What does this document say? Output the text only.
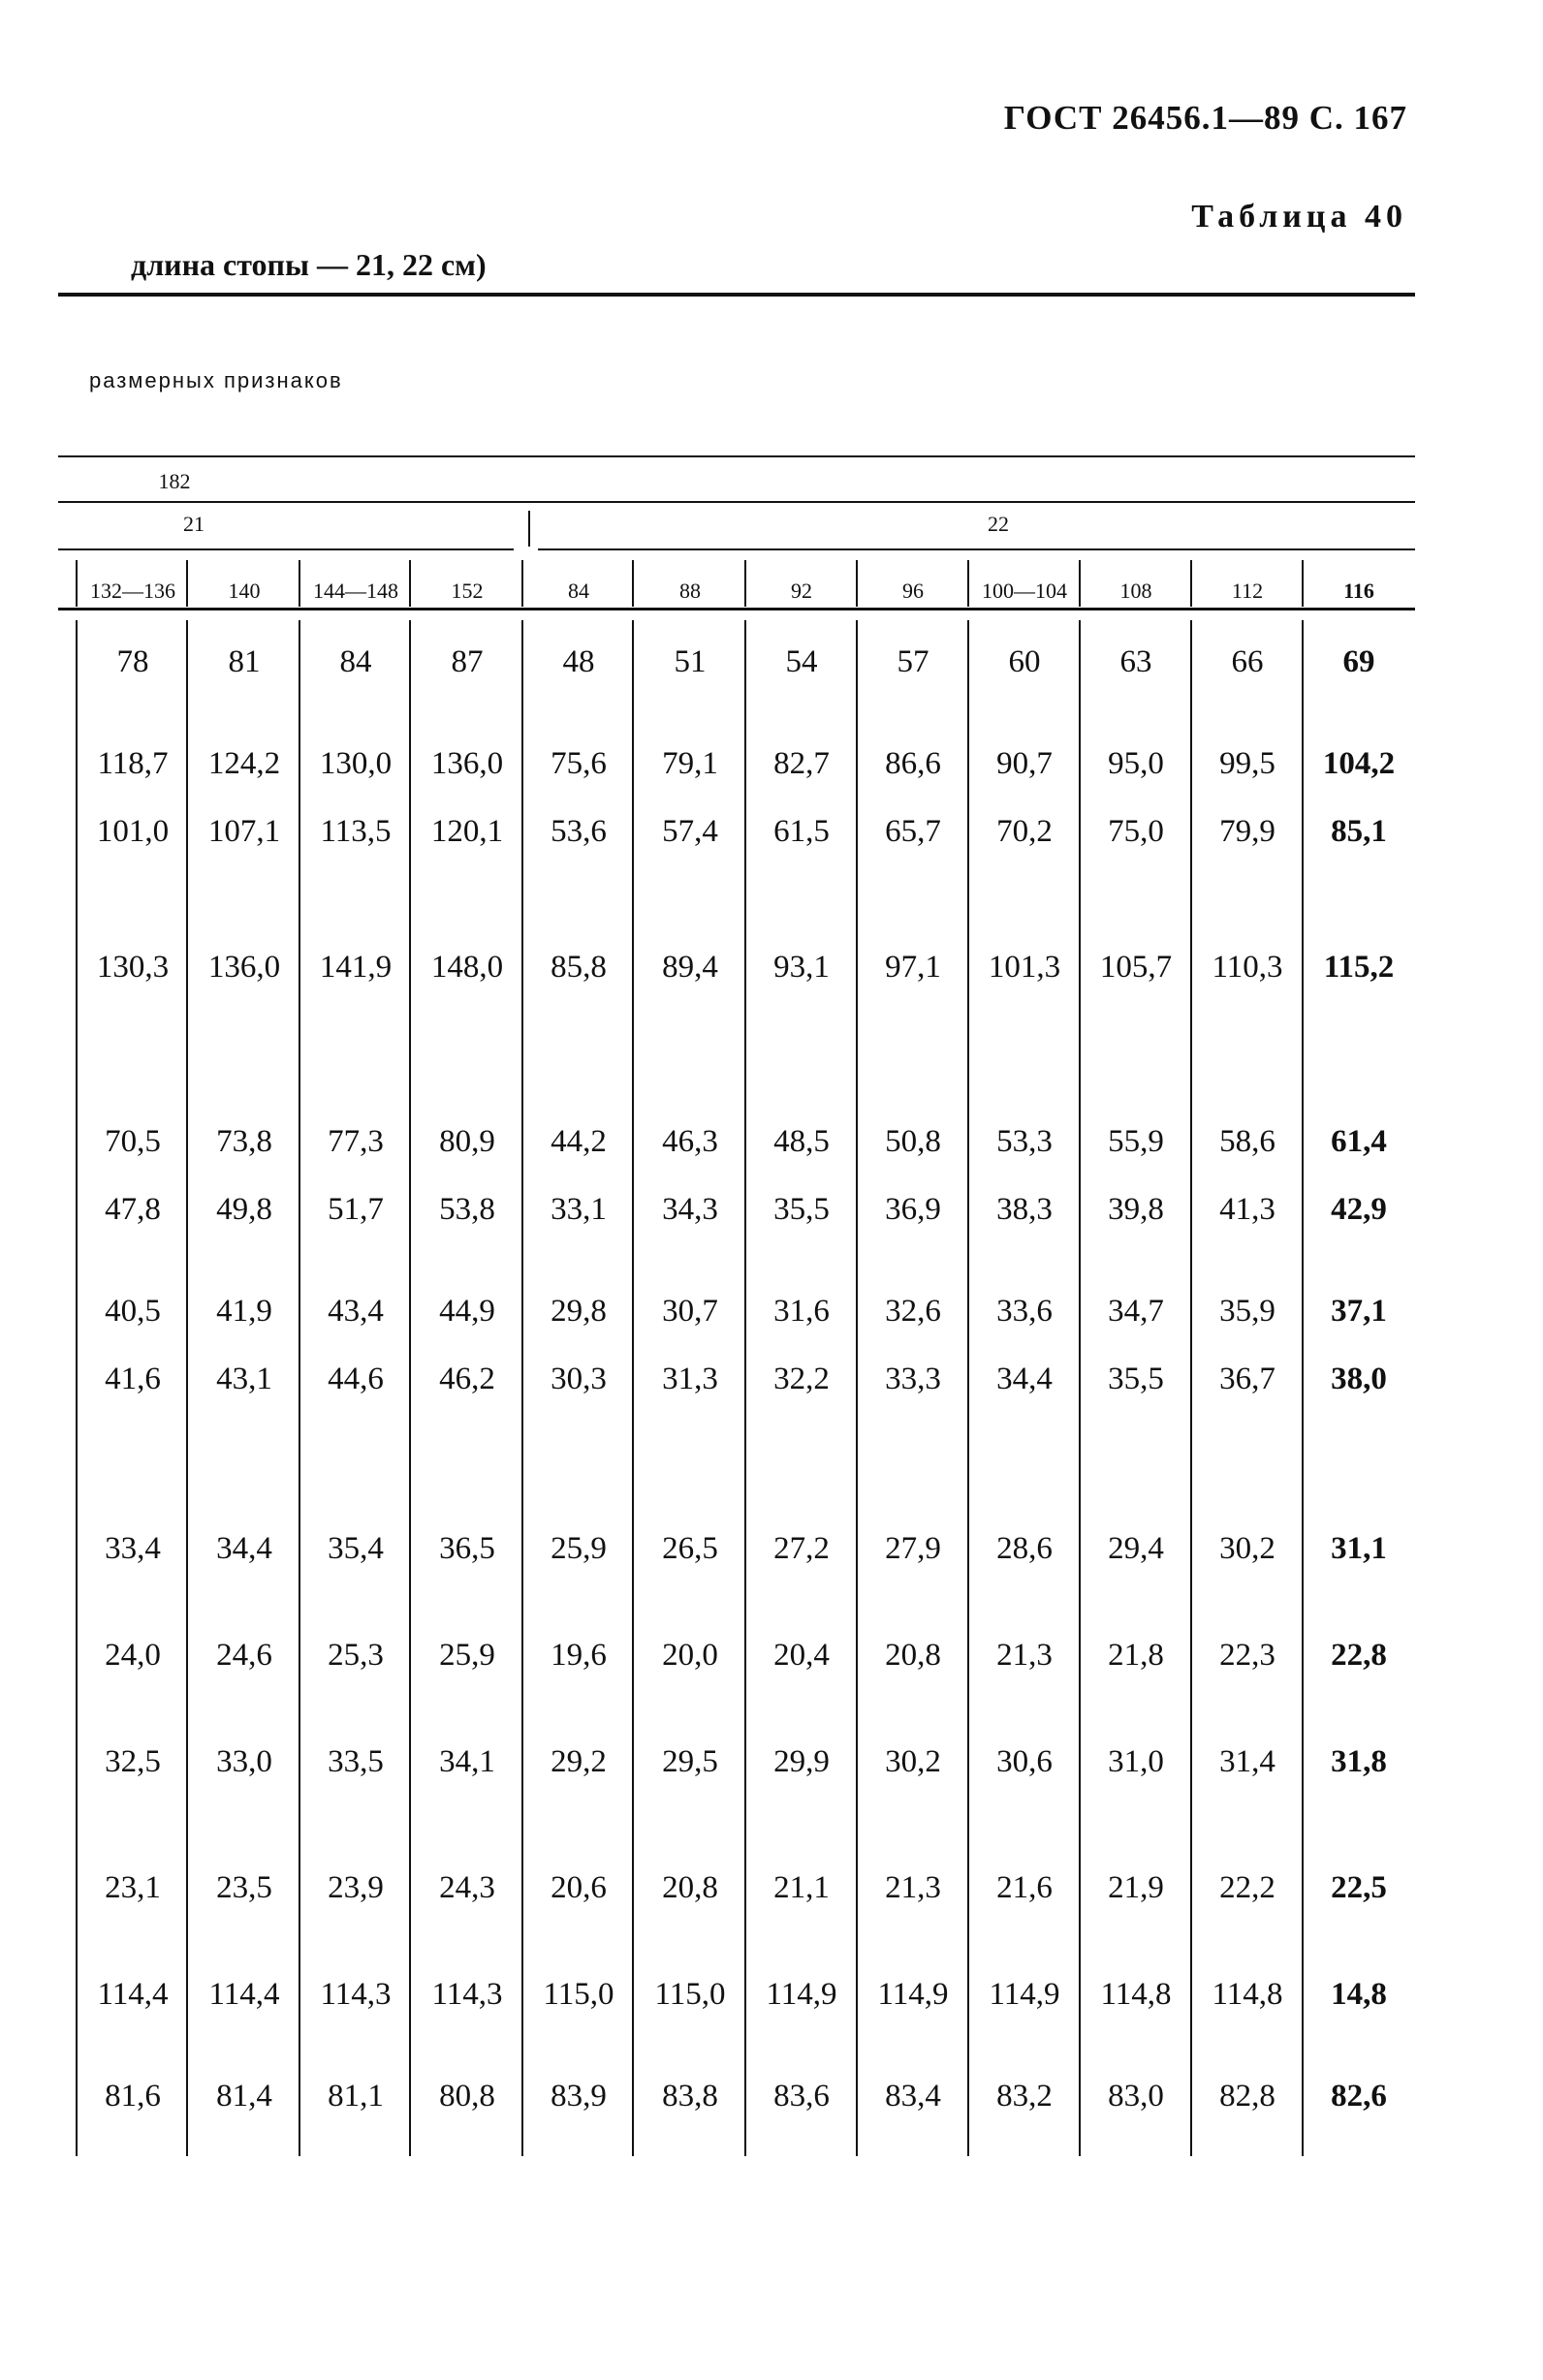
ГОСТ 26456.1—89 С. 167
Таблица 40
длина стопы — 21, 22 см)
размерных признаков
182
21	22
132—136	140	144—148	152	84	88	92	96	100—104	108	112	116
78	81	84	87	48	51	54	57	60	63	66	69
118,7	124,2	130,0	136,0	75,6	79,1	82,7	86,6	90,7	95,0	99,5	104,2
101,0	107,1	113,5	120,1	53,6	57,4	61,5	65,7	70,2	75,0	79,9	85,1
130,3	136,0	141,9	148,0	85,8	89,4	93,1	97,1	101,3	105,7	110,3	115,2
70,5	73,8	77,3	80,9	44,2	46,3	48,5	50,8	53,3	55,9	58,6	61,4
47,8	49,8	51,7	53,8	33,1	34,3	35,5	36,9	38,3	39,8	41,3	42,9
40,5	41,9	43,4	44,9	29,8	30,7	31,6	32,6	33,6	34,7	35,9	37,1
41,6	43,1	44,6	46,2	30,3	31,3	32,2	33,3	34,4	35,5	36,7	38,0
33,4	34,4	35,4	36,5	25,9	26,5	27,2	27,9	28,6	29,4	30,2	31,1
24,0	24,6	25,3	25,9	19,6	20,0	20,4	20,8	21,3	21,8	22,3	22,8
32,5	33,0	33,5	34,1	29,2	29,5	29,9	30,2	30,6	31,0	31,4	31,8
23,1	23,5	23,9	24,3	20,6	20,8	21,1	21,3	21,6	21,9	22,2	22,5
114,4	114,4	114,3	114,3	115,0	115,0	114,9	114,9	114,9	114,8	114,8	14,8
81,6	81,4	81,1	80,8	83,9	83,8	83,6	83,4	83,2	83,0	82,8	82,6
